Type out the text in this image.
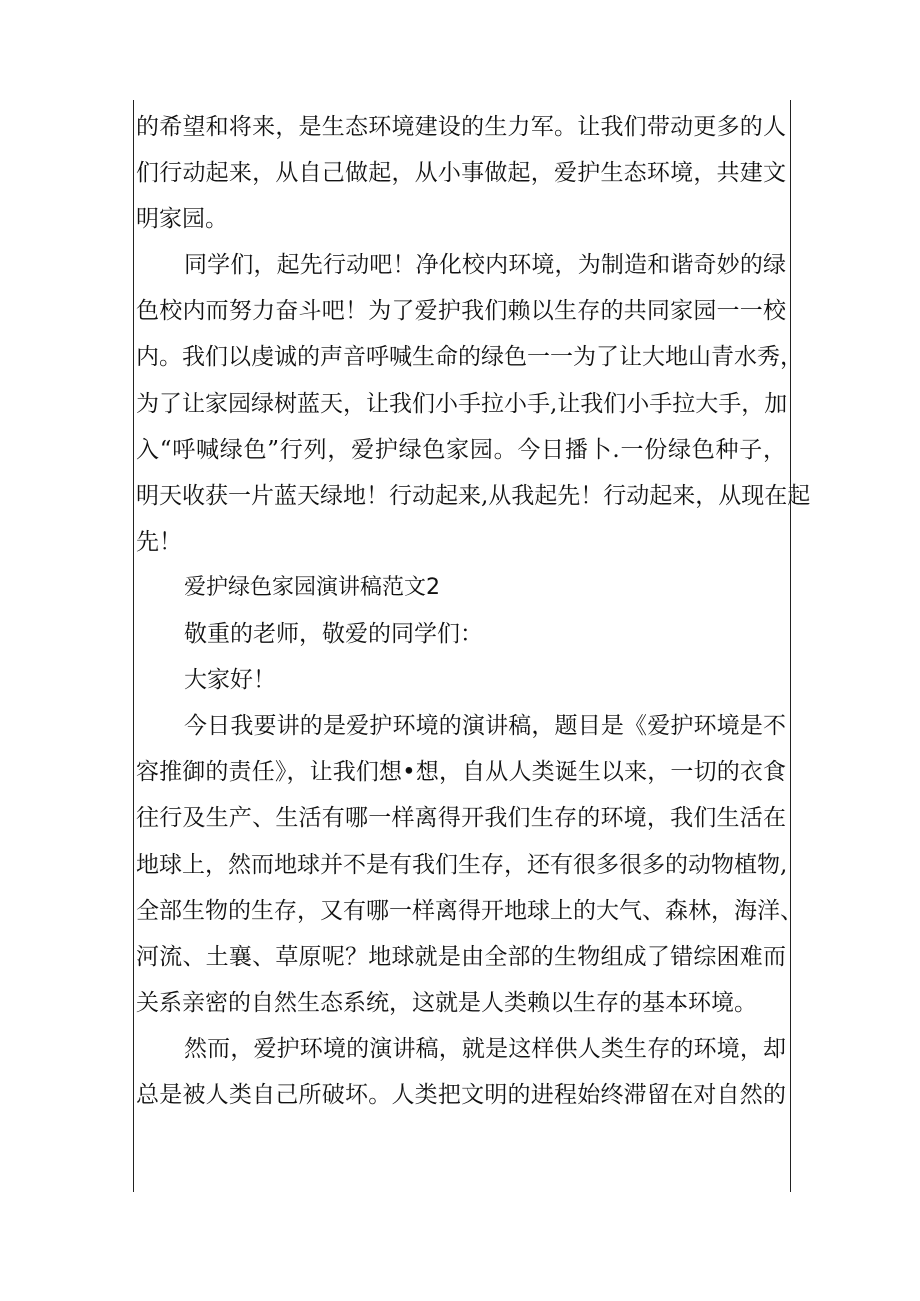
的希望和将来，是生态环境建设的生力军。让我们带动更多的人
们行动起来，从自己做起，从小事做起，爱护生态环境，共建文
明家园。
同学们，起先行动吧！净化校内环境，为制造和谐奇妙的绿
色校内而努力奋斗吧！为了爱护我们赖以生存的共同家园一一校
内。我们以虔诚的声音呼喊生命的绿色一一为了让大地山青水秀，
为了让家园绿树蓝天，让我们小手拉小手,让我们小手拉大手，加
入“呼喊绿色”行列，爱护绿色家园。今日播卜.一份绿色种子，
明天收获一片蓝天绿地！行动起来,从我起先！行动起来，从现在起
先！
爱护绿色家园演讲稿范文2
敬重的老师，敬爱的同学们：
大家好！
今日我要讲的是爱护环境的演讲稿，题目是《爱护环境是不
容推御的责任》，让我们想•想，自从人类诞生以来，一切的衣食
往行及生产、生活有哪一样离得开我们生存的环境，我们生活在
地球上，然而地球并不是有我们生存，还有很多很多的动物植物,
全部生物的生存，又有哪一样离得开地球上的大气、森林，海洋、
河流、土襄、草原呢？地球就是由全部的生物组成了错综困难而
关系亲密的自然生态系统，这就是人类赖以生存的基本环境。
然而，爱护环境的演讲稿，就是这样供人类生存的环境，却
总是被人类自己所破坏。人类把文明的进程始终滞留在对自然的
